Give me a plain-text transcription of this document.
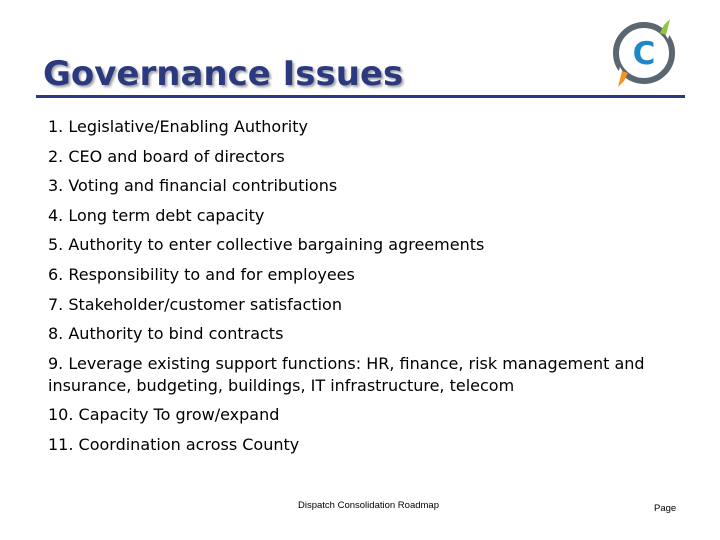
Governance Issues	C
1. Legislative/Enabling Authority
2. CEO and board of directors
3. Voting and financial contributions
4. Long term debt capacity
5. Authority to enter collective bargaining agreements
6. Responsibility to and for employees
7. Stakeholder/customer satisfaction
8. Authority to bind contracts
9. Leverage existing support functions: HR, finance, risk management and insurance, budgeting, buildings, IT infrastructure, telecom
10. Capacity To grow/expand
11. Coordination across County
Dispatch Consolidation Roadmap	Page
